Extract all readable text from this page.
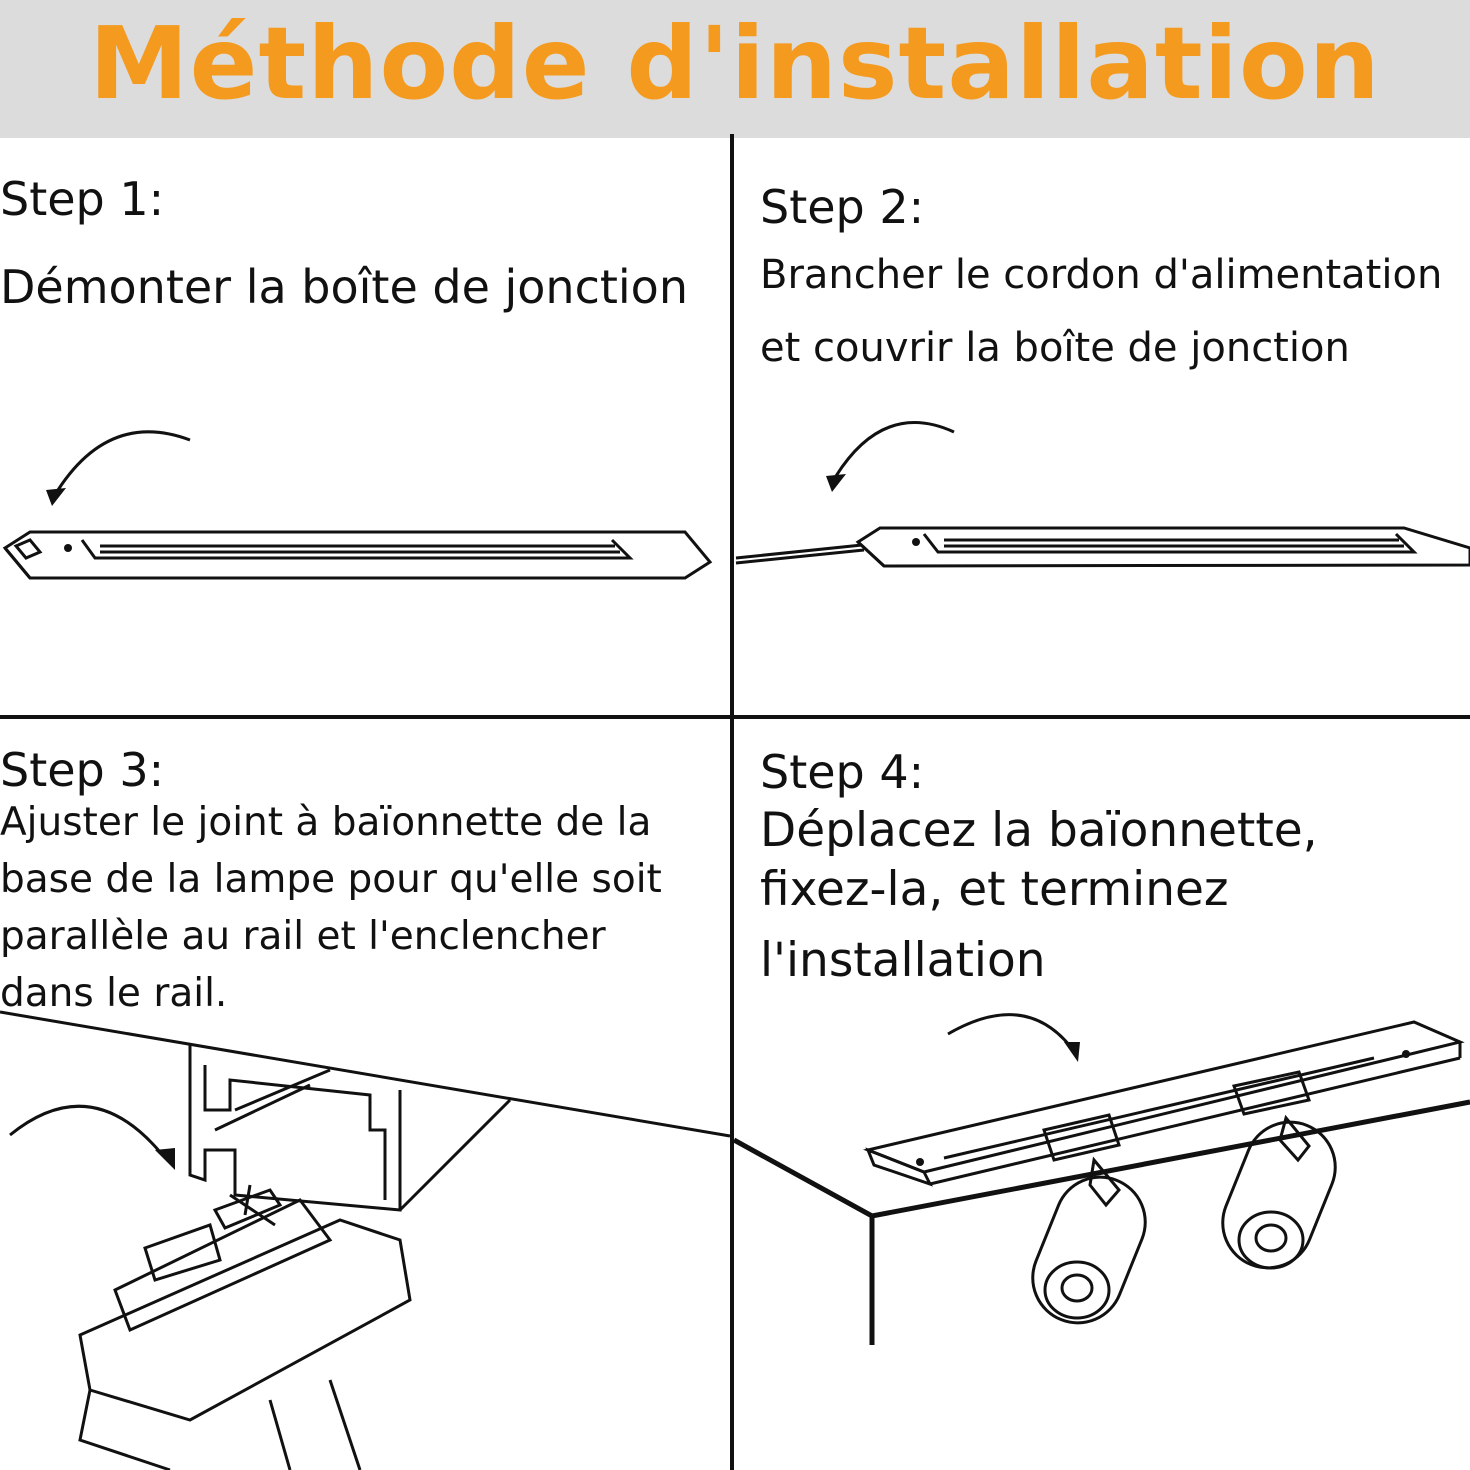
Méthode d'installation

Step 1:

Démonter la boîte de jonction

Step 2:

Brancher le cordon d'alimentation

et couvrir la boîte de jonction

Step 3:

Ajuster le joint à baïonnette de la

base de la lampe pour qu'elle soit

parallèle au rail et l'enclencher

dans le rail.

Step 4:

Déplacez la baïonnette,

fixez-la, et terminez

l'installation
